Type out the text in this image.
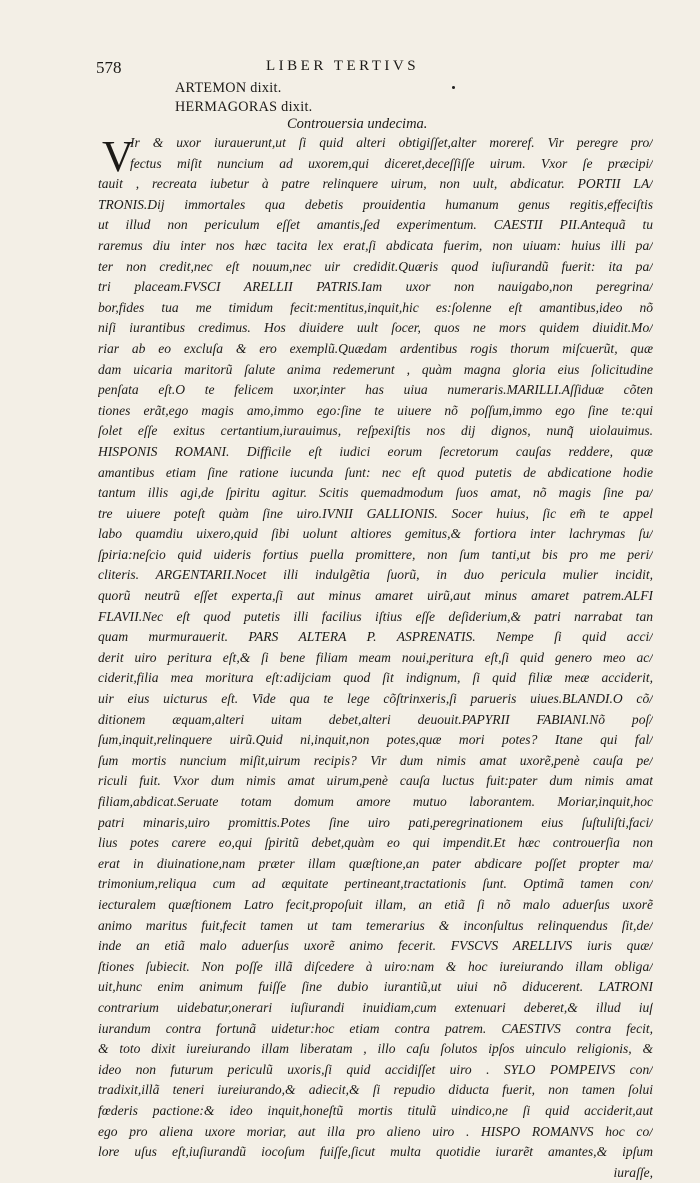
578	LIBER TERTIVS
ARTEMON dixit.
HERMAGORAS dixit.
Controuersia undecima.
V
Ir & uxor iurauerunt,ut ſi quid alteri obtigiſſet,alter moreref. Vir peregre pro/
fectus miſit nuncium ad uxorem,qui diceret,deceſſiſſe uirum. Vxor ſe præcipi/
tauit , recreata iubetur à patre relinquere uirum, non uult, abdicatur. PORTII LA/
TRONIS.Dij immortales qua debetis prouidentia humanum genus regitis,effeciſtis
ut illud non periculum eſſet amantis,ſed experimentum. CAESTII PII.Antequã tu
raremus diu inter nos hæc tacita lex erat,ſi abdicata fuerim, non uiuam: huius illi pa/
ter non credit,nec eſt nouum,nec uir credidit.Quæris quod iuſiurandũ fuerit: ita pa/
tri placeam.FVSCI ARELLII PATRIS.Iam uxor non nauigabo,non peregrina/
bor,fides tua me timidum fecit:mentitus,inquit,hic es:ſolenne eſt amantibus,ideo nõ
niſi iurantibus credimus. Hos diuidere uult ſocer, quos ne mors quidem diuidit.Mo/
riar ab eo excluſa & ero exemplũ.Quædam ardentibus rogis thorum miſcuerũt, quæ
dam uicaria maritorũ ſalute anima redemerunt , quàm magna gloria eius ſolicitudine
penſata eſt.O te felicem uxor,inter has uiua numeraris.MARILLI.Aſſiduæ cõten
tiones erãt,ego magis amo,immo ego:ſine te uiuere nõ poſſum,immo ego ſine te:qui
ſolet eſſe exitus certantium,iurauimus, reſpexiſtis nos dij dignos, nunq̃ uiolauimus.
HISPONIS ROMANI. Difficile eſt iudici eorum ſecretorum cauſas reddere, quæ
amantibus etiam ſine ratione iucunda ſunt: nec eſt quod putetis de abdicatione hodie
tantum illis agi,de ſpiritu agitur. Scitis quemadmodum ſuos amat, nõ magis ſine pa/
tre uiuere poteſt quàm ſine uiro.IVNII GALLIONIS. Socer huius, ſic em̃ te appel
labo quamdiu uixero,quid ſibi uolunt altiores gemitus,& fortiora inter lachrymas ſu/
ſpiria:neſcio quid uideris fortius puella promittere, non ſum tanti,ut bis pro me peri/
cliteris. ARGENTARII.Nocet illi indulgẽtia ſuorũ, in duo pericula mulier incidit,
quorũ neutrũ eſſet experta,ſi aut minus amaret uirũ,aut minus amaret patrem.ALFI
FLAVII.Nec eſt quod putetis illi facilius iſtius eſſe deſiderium,& patri narrabat tan
quam murmurauerit. PARS ALTERA P. ASPRENATIS. Nempe ſi quid acci/
derit uiro peritura eſt,& ſi bene filiam meam noui,peritura eſt,ſi quid genero meo ac/
ciderit,filia mea moritura eſt:adijciam quod ſit indignum, ſi quid filiæ meæ acciderit,
uir eius uicturus eſt. Vide qua te lege cõſtrinxeris,ſi parueris uiues.BLANDI.O cõ/
ditionem æquam,alteri uitam debet,alteri deuouit.PAPYRII FABIANI.Nõ poſ/
ſum,inquit,relinquere uirũ.Quid ni,inquit,non potes,quæ mori potes? Itane qui fal/
ſum mortis nuncium miſit,uirum recipis? Vir dum nimis amat uxorẽ,penè cauſa pe/
riculi fuit. Vxor dum nimis amat uirum,penè cauſa luctus fuit:pater dum nimis amat
filiam,abdicat.Seruate totam domum amore mutuo laborantem. Moriar,inquit,hoc
patri minaris,uiro promittis.Potes ſine uiro pati,peregrinationem eius ſuſtuliſti,faci/
lius potes carere eo,qui ſpiritũ debet,quàm eo qui impendit.Et hæc controuerſia non
erat in diuinatione,nam præter illam quæſtione,an pater abdicare poſſet propter ma/
trimonium,reliqua cum ad æquitate pertineant,tractationis ſunt. Optimã tamen con/
iecturalem quæſtionem Latro fecit,propoſuit illam, an etiã ſi nõ malo aduerſus uxorẽ
animo maritus fuit,fecit tamen ut tam temerarius & inconſultus relinquendus ſit,de/
inde an etiã malo aduerſus uxorẽ animo fecerit. FVSCVS ARELLIVS iuris quæ/
ſtiones ſubiecit. Non poſſe illã diſcedere à uiro:nam & hoc iureiurando illam obliga/
uit,hunc enim animum fuiſſe ſine dubio iurantiũ,ut uiui nõ diducerent. LATRONI
contrarium uidebatur,onerari iuſiurandi inuidiam,cum extenuari deberet,& illud iuſ
iurandum contra fortunã uidetur:hoc etiam contra patrem. CAESTIVS contra fecit,
& toto dixit iureiurando illam liberatam , illo caſu ſolutos ipſos uinculo religionis, &
ideo non futurum periculũ uxoris,ſi quid accidiſſet uiro . SYLO POMPEIVS con/
tradixit,illã teneri iureiurando,& adiecit,& ſi repudio diducta fuerit, non tamen ſolui
fœderis pactione:& ideo inquit,honeſtũ mortis titulũ uindico,ne ſi quid acciderit,aut
ego pro aliena uxore moriar, aut illa pro alieno uiro . HISPO ROMANVS hoc co/
lore uſus eſt,iuſiurandũ iocoſum fuiſſe,ſicut multa quotidie iurarẽt amantes,& ipſum
iuraſſe,
